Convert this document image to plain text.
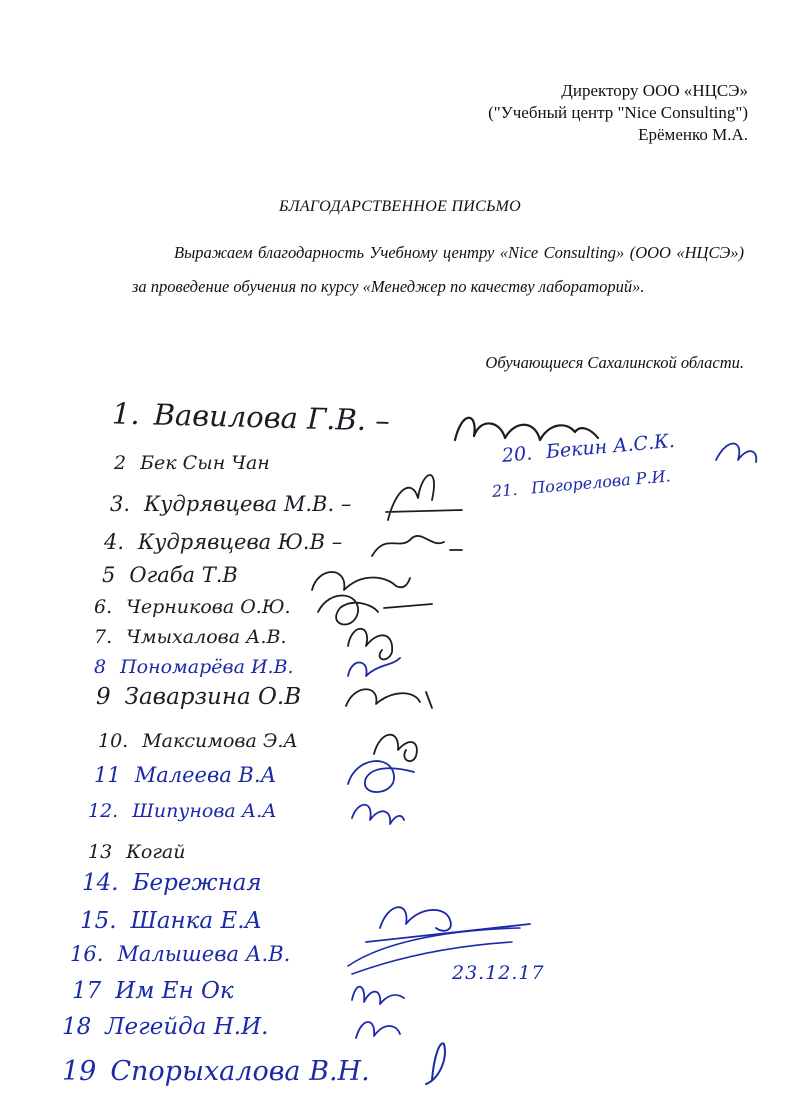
Директору ООО «НЦСЭ»
("Учебный центр "Nice Consulting")
Ерёменко М.А.
БЛАГОДАРСТВЕННОЕ ПИСЬМО
Выражаем благодарность Учебному центру «Nice Consulting» (ООО «НЦСЭ») за проведение обучения по курсу «Менеджер по качеству лабораторий».
Обучающиеся Сахалинской области.
1. Вавилова Г.В. –
2 Бек Сын Чан
3. Кудрявцева М.В. –
4. Кудрявцева Ю.В –
5 Огаба Т.В
6. Черникова О.Ю.
7. Чмыхалова А.В.
8 Пономарёва И.В.
9 Заварзина О.В
10. Максимова Э.А
11 Малеева В.А
12. Шипунова А.А
13 Когай
14. Бережная
15. Шанка Е.А
16. Малышева А.В.
17 Им Ен Ок
18 Легейда Н.И.
19 Спорыхалова В.Н.
20. Бекин А.С.К.
21. Погорелова Р.И.
23.12.17
